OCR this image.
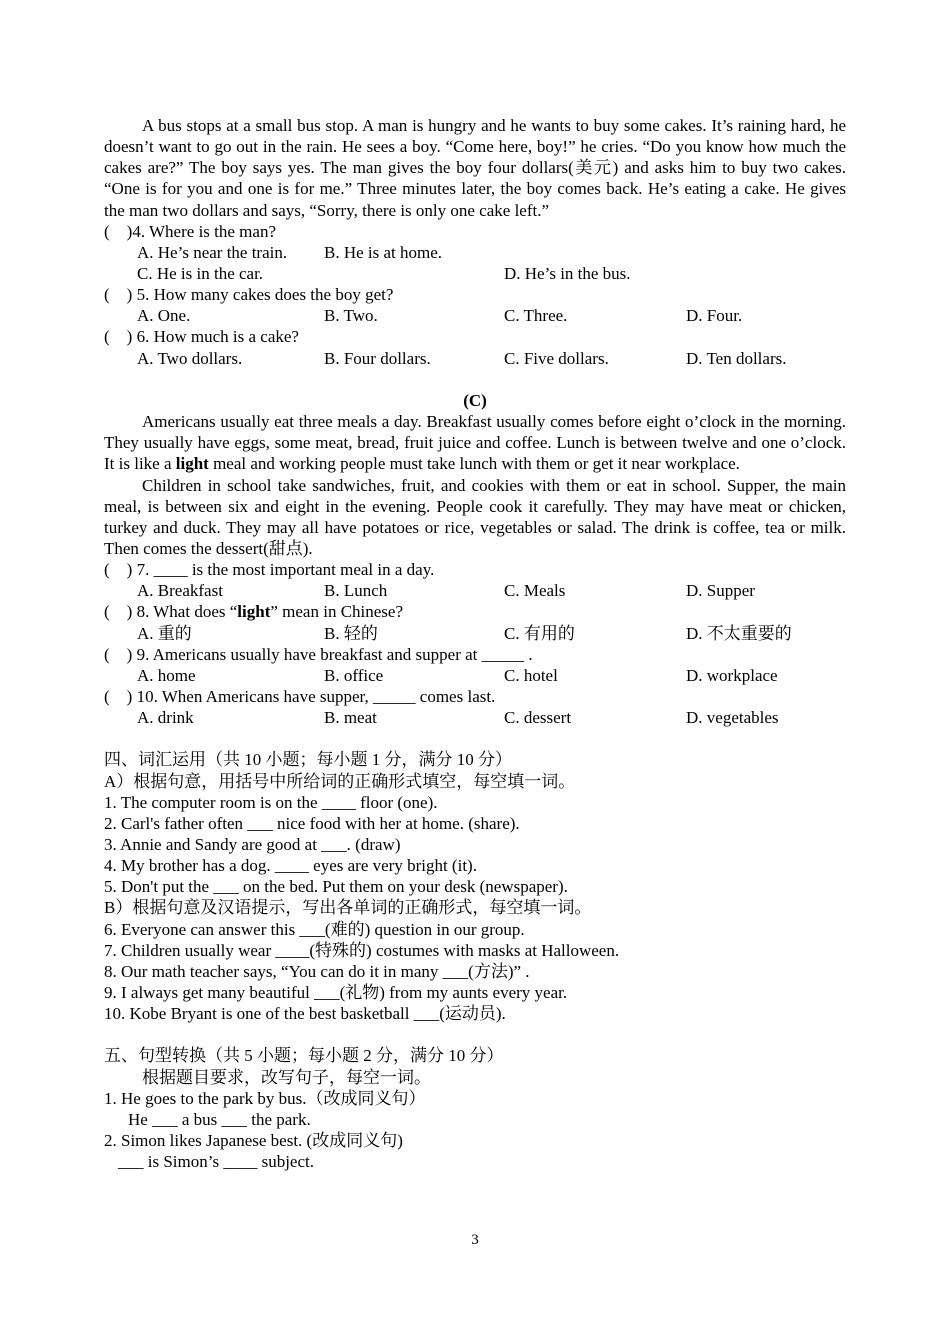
A bus stops at a small bus stop. A man is hungry and he wants to buy some cakes. It’s raining hard, he doesn’t want to go out in the rain. He sees a boy. “Come here, boy!” he cries. “Do you know how much the cakes are?” The boy says yes. The man gives the boy four dollars(美元) and asks him to buy two cakes. “One is for you and one is for me.” Three minutes later, the boy comes back. He’s eating a cake. He gives the man two dollars and says, “Sorry, there is only one cake left.”
(    )4. Where is the man?
A. He’s near the train. B. He is at home.
C. He is in the car.	D. He’s in the bus.
(    ) 5. How many cakes does the boy get?
A. One.	B. Two.	C. Three.	D. Four.
(    ) 6. How much is a cake?
A. Two dollars.	B. Four dollars.	C. Five dollars.	D. Ten dollars.
(C)
Americans usually eat three meals a day. Breakfast usually comes before eight o’clock in the morning. They usually have eggs, some meat, bread, fruit juice and coffee. Lunch is between twelve and one o’clock. It is like a light meal and working people must take lunch with them or get it near workplace.
Children in school take sandwiches, fruit, and cookies with them or eat in school. Supper, the main meal, is between six and eight in the evening. People cook it carefully. They may have meat or chicken, turkey and duck. They may all have potatoes or rice, vegetables or salad. The drink is coffee, tea or milk. Then comes the dessert(甜点).
(    ) 7. ____ is the most important meal in a day.
A. Breakfast	B. Lunch	C. Meals	D. Supper
(    ) 8. What does “light” mean in Chinese?
A. 重的	B. 轻的	C. 有用的	D. 不太重要的
(    ) 9. Americans usually have breakfast and supper at _____ .
A. home	B. office	C. hotel	D. workplace
(    ) 10. When Americans have supper, _____ comes last.
A. drink	B. meat	C. dessert	D. vegetables
四、词汇运用（共 10 小题；每小题 1 分，满分 10 分）
A）根据句意，用括号中所给词的正确形式填空，每空填一词。
1. The computer room is on the ____ floor (one).
2. Carl's father often ___ nice food with her at home. (share).
3. Annie and Sandy are good at ___. (draw)
4. My brother has a dog. ____ eyes are very bright (it).
5. Don't put the ___ on the bed. Put them on your desk (newspaper).
B）根据句意及汉语提示，写出各单词的正确形式，每空填一词。
6. Everyone can answer this ___(难的) question in our group.
7. Children usually wear ____(特殊的) costumes with masks at Halloween.
8. Our math teacher says, “You can do it in many ___(方法)” .
9. I always get many beautiful ___(礼物) from my aunts every year.
10. Kobe Bryant is one of the best basketball ___(运动员).
五、句型转换（共 5 小题；每小题 2 分，满分 10 分）
根据题目要求，改写句子，每空一词。
1. He goes to the park by bus.（改成同义句）
He ___ a bus ___ the park.
2. Simon likes Japanese best. (改成同义句)
___ is Simon’s ____ subject.
3
